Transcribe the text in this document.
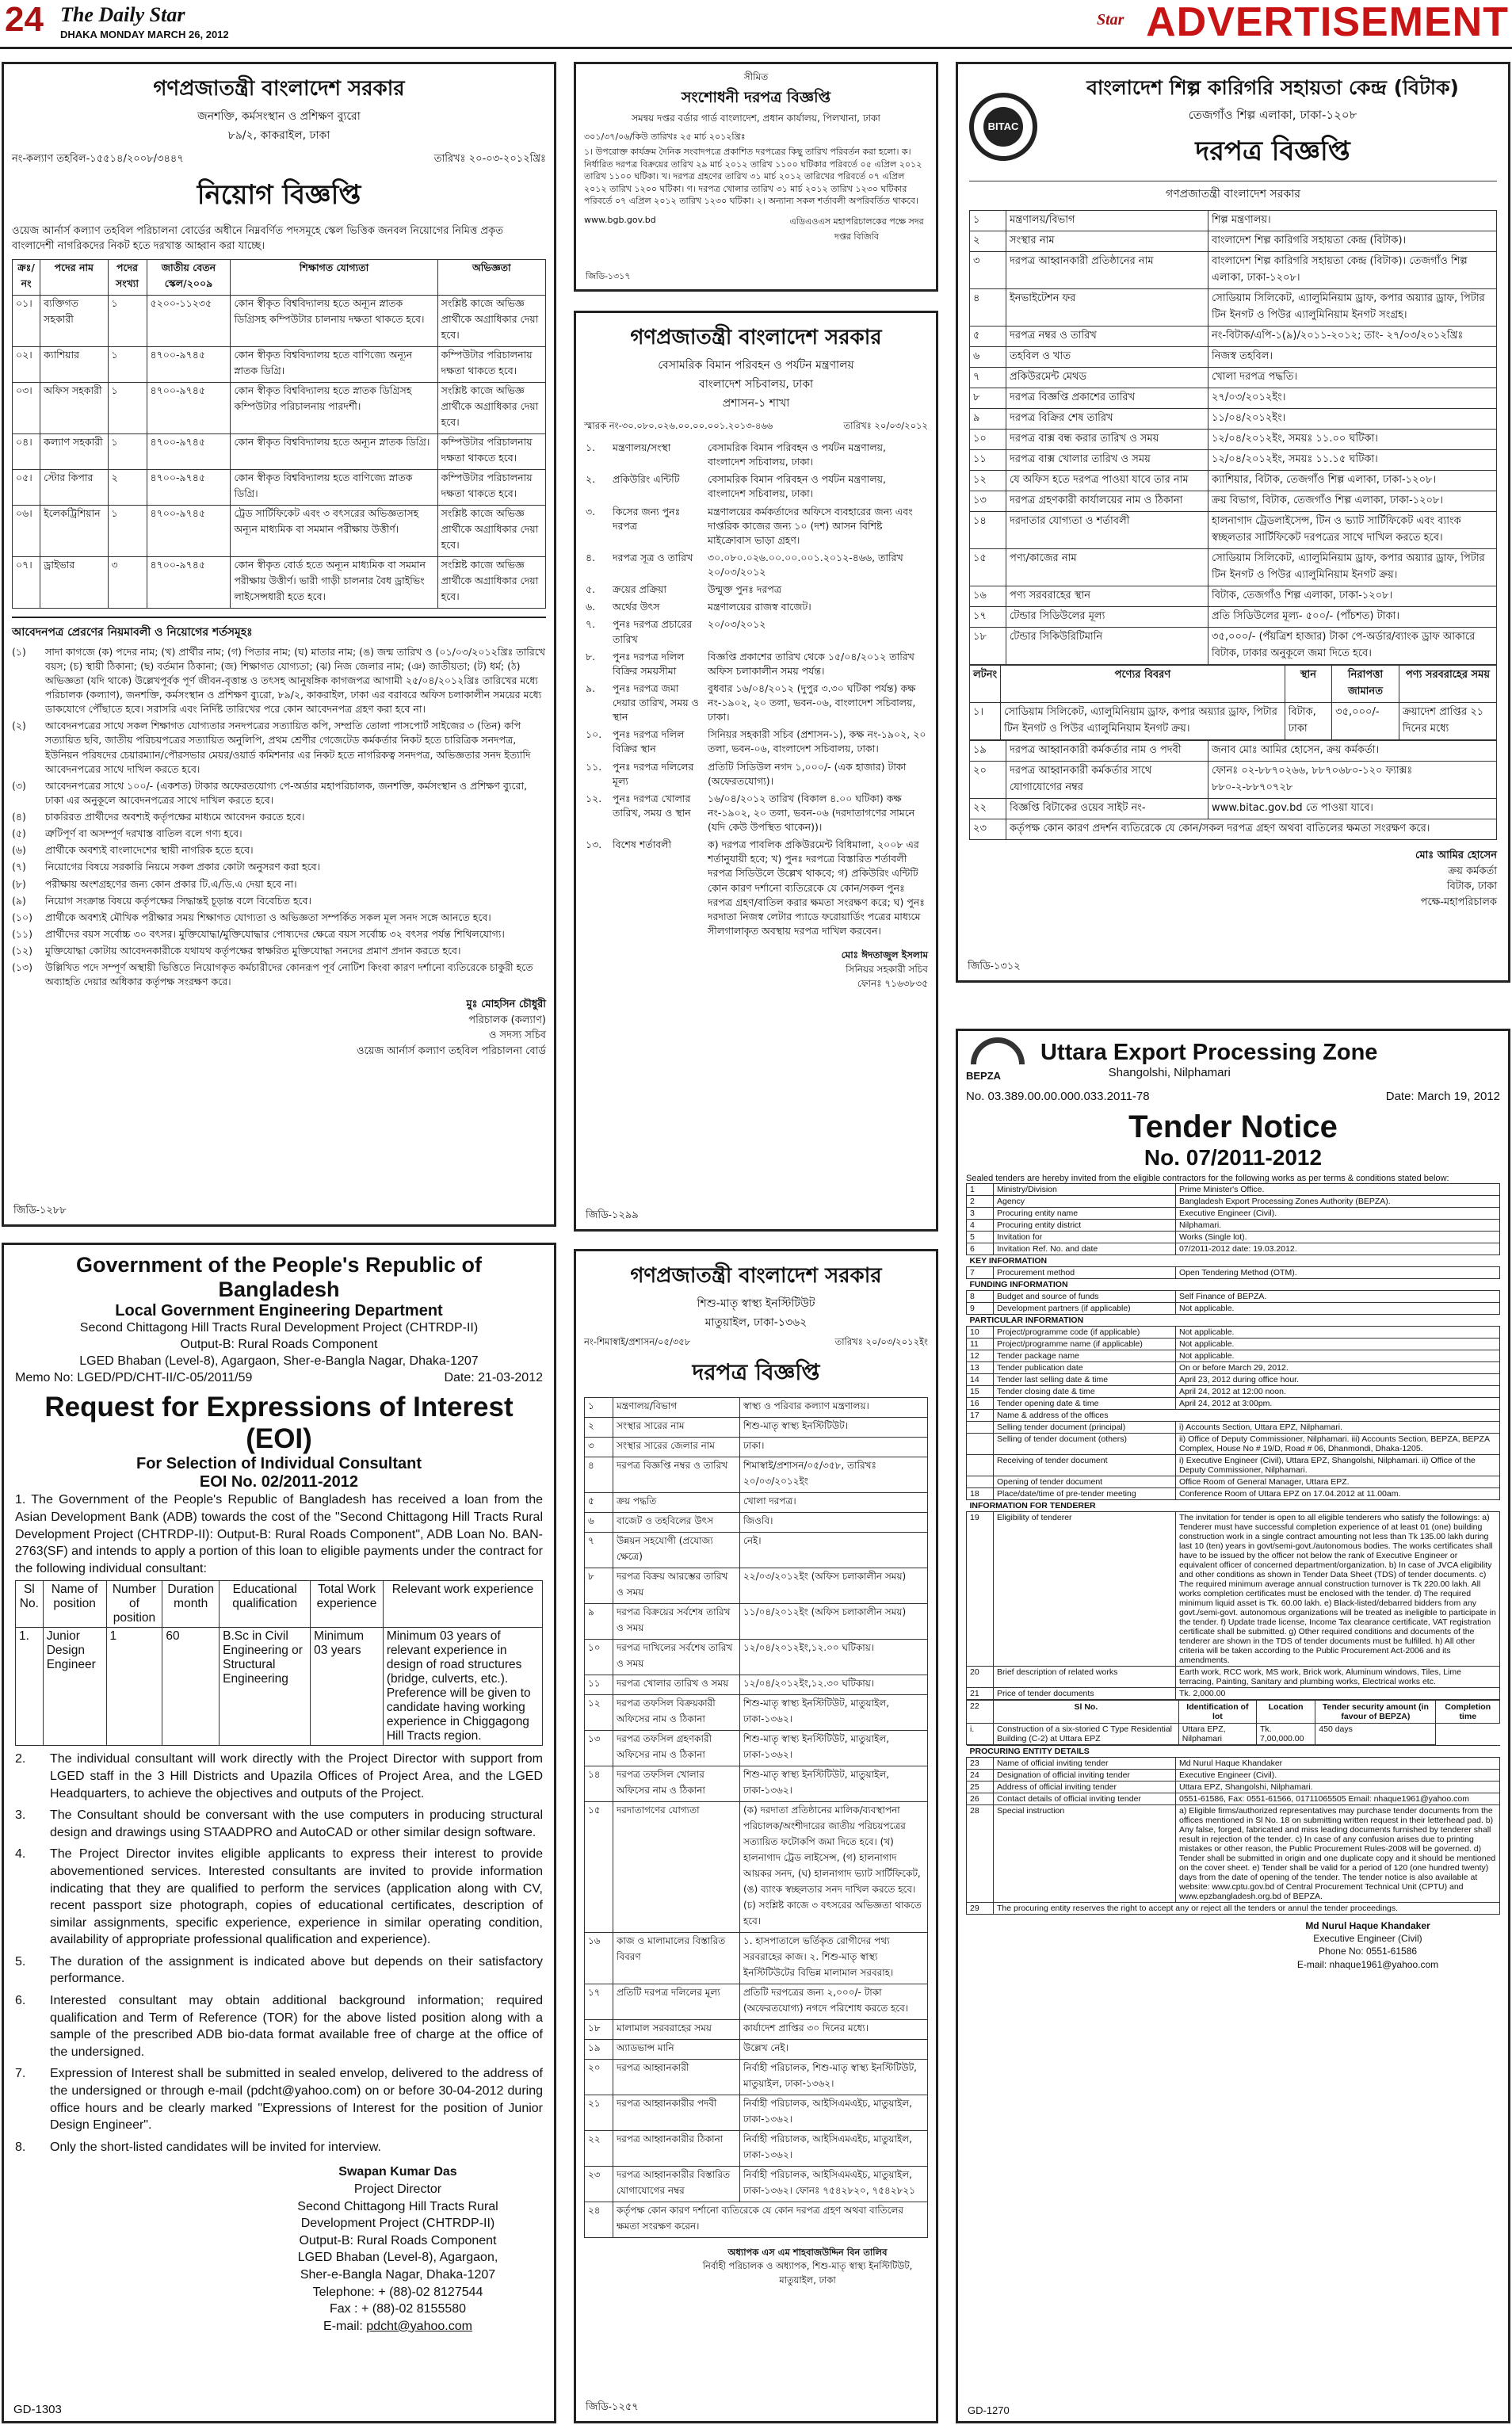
24 The Daily Star
DHAKA MONDAY MARCH 26, 2012
Star ADVERTISEMENT
গণপ্রজাতন্ত্রী বাংলাদেশ সরকার
জনশক্তি, কর্মসংস্থান ও প্রশিক্ষণ ব্যুরো
৮৯/২, কাকরাইল, ঢাকা
নং-কল্যাণ তহবিল-১৫৫১৪/২০০৮/৩৪৪৭	তারিখঃ ২০-০৩-২০১২খ্রিঃ
নিয়োগ বিজ্ঞপ্তি
ওয়েজ আর্নার্স কল্যাণ তহবিল পরিচালনা বোর্ডের অধীনে নিম্নবর্ণিত পদসমূহে স্কেল ভিত্তিক জনবল নিয়োগের নিমিত্ত প্রকৃত বাংলাদেশী নাগরিকদের নিকট হতে দরখাস্ত আহ্বান করা যাচ্ছে।
ক্রঃ/নং	পদের নাম	পদের সংখ্যা	জাতীয় বেতন স্কেল/২০০৯	শিক্ষাগত যোগ্যতা	অভিজ্ঞতা
০১।	ব্যক্তিগত সহকারী	১	৫২০০-১১২৩৫	কোন স্বীকৃত বিশ্ববিদ্যালয় হতে অন্যূন স্নাতক ডিগ্রিসহ কম্পিউটার চালনায় দক্ষতা থাকতে হবে।	সংশ্লিষ্ট কাজে অভিজ্ঞ প্রার্থীকে অগ্রাধিকার দেয়া হবে।
০২।	ক্যাশিয়ার	১	৪৭০০-৯৭৪৫	কোন স্বীকৃত বিশ্ববিদ্যালয় হতে বাণিজ্যে অন্যূন স্নাতক ডিগ্রি।	কম্পিউটার পরিচালনায় দক্ষতা থাকতে হবে।
০৩।	অফিস সহকারী	১	৪৭০০-৯৭৪৫	কোন স্বীকৃত বিশ্ববিদ্যালয় হতে স্নাতক ডিগ্রিসহ কম্পিউটার পরিচালনায় পারদর্শী।	সংশ্লিষ্ট কাজে অভিজ্ঞ প্রার্থীকে অগ্রাধিকার দেয়া হবে।
০৪।	কল্যাণ সহকারী	১	৪৭০০-৯৭৪৫	কোন স্বীকৃত বিশ্ববিদ্যালয় হতে অন্যূন স্নাতক ডিগ্রি।	কম্পিউটার পরিচালনায় দক্ষতা থাকতে হবে।
০৫।	স্টোর কিপার	২	৪৭০০-৯৭৪৫	কোন স্বীকৃত বিশ্ববিদ্যালয় হতে বাণিজ্যে স্নাতক ডিগ্রি।	কম্পিউটার পরিচালনায় দক্ষতা থাকতে হবে।
০৬।	ইলেকট্রিশিয়ান	১	৪৭০০-৯৭৪৫	ট্রেড সার্টিফিকেট এবং ৩ বৎসরের অভিজ্ঞতাসহ অন্যূন মাধ্যমিক বা সমমান পরীক্ষায় উত্তীর্ণ।	সংশ্লিষ্ট কাজে অভিজ্ঞ প্রার্থীকে অগ্রাধিকার দেয়া হবে।
০৭।	ড্রাইভার	৩	৪৭০০-৯৭৪৫	কোন স্বীকৃত বোর্ড হতে অন্যূন মাধ্যমিক বা সমমান পরীক্ষায় উত্তীর্ণ। ভারী গাড়ী চালনার বৈধ ড্রাইভিং লাইসেন্সধারী হতে হবে।	সংশ্লিষ্ট কাজে অভিজ্ঞ প্রার্থীকে অগ্রাধিকার দেয়া হবে।
আবেদনপত্র প্রেরণের নিয়মাবলী ও নিয়োগের শর্তসমূহঃ
(১)	সাদা কাগজে (ক) পদের নাম; (খ) প্রার্থীর নাম; (গ) পিতার নাম; (ঘ) মাতার নাম; (ঙ) জন্ম তারিখ ও (০১/০৩/২০১২খ্রিঃ তারিখে বয়স; (চ) স্থায়ী ঠিকানা; (ছ) বর্তমান ঠিকানা; (জ) শিক্ষাগত যোগ্যতা; (ঝ) নিজ জেলার নাম; (ঞ) জাতীয়তা; (ট) ধর্ম; (ঠ) অভিজ্ঞতা (যদি থাকে) উল্লেখপূর্বক পূর্ণ জীবন-বৃত্তান্ত ও তৎসহ আনুষঙ্গিক কাগজপত্র আগামী ২৫/০৪/২০১২খ্রিঃ তারিখের মধ্যে পরিচালক (কল্যাণ), জনশক্তি, কর্মসংস্থান ও প্রশিক্ষণ ব্যুরো, ৮৯/২, কাকরাইল, ঢাকা এর বরাবরে অফিস চলাকালীন সময়ের মধ্যে ডাকযোগে পৌঁছাতে হবে। সরাসরি এবং নির্দিষ্ট তারিখের পরে কোন আবেদনপত্র গ্রহণ করা হবে না।
(২)	আবেদনপত্রের সাথে সকল শিক্ষাগত যোগ্যতার সনদপত্রের সত্যায়িত কপি, সম্প্রতি তোলা পাসপোর্ট সাইজের ৩ (তিন) কপি সত্যায়িত ছবি, জাতীয় পরিচয়পত্রের সত্যায়িত অনুলিপি, প্রথম শ্রেণীর গেজেটেড কর্মকর্তার নিকট হতে চারিত্রিক সনদপত্র, ইউনিয়ন পরিষদের চেয়ারম্যান/পৌরসভার মেয়র/ওয়ার্ড কমিশনার এর নিকট হতে নাগরিকত্ব সনদপত্র, অভিজ্ঞতার সনদ ইত্যাদি আবেদনপত্রের সাথে দাখিল করতে হবে।
(৩)	আবেদনপত্রের সাথে ১০০/- (একশত) টাকার অফেরতযোগ্য পে-অর্ডার মহাপরিচালক, জনশক্তি, কর্মসংস্থান ও প্রশিক্ষণ ব্যুরো, ঢাকা এর অনুকূলে আবেদনপত্রের সাথে দাখিল করতে হবে।
(৪)	চাকরিরত প্রার্থীদের অবশ্যই কর্তৃপক্ষের মাধ্যমে আবেদন করতে হবে।
(৫)	ত্রুটিপূর্ণ বা অসম্পূর্ণ দরখাস্ত বাতিল বলে গণ্য হবে।
(৬)	প্রার্থীকে অবশ্যই বাংলাদেশের স্থায়ী নাগরিক হতে হবে।
(৭)	নিয়োগের বিষয়ে সরকারি নিয়মে সকল প্রকার কোটা অনুসরণ করা হবে।
(৮)	পরীক্ষায় অংশগ্রহণের জন্য কোন প্রকার টি.এ/ডি.এ দেয়া হবে না।
(৯)	নিয়োগ সংক্রান্ত বিষয়ে কর্তৃপক্ষের সিদ্ধান্তই চূড়ান্ত বলে বিবেচিত হবে।
(১০)	প্রার্থীকে অবশ্যই মৌখিক পরীক্ষার সময় শিক্ষাগত যোগ্যতা ও অভিজ্ঞতা সম্পর্কিত সকল মূল সনদ সঙ্গে আনতে হবে।
(১১)	প্রার্থীদের বয়স সর্বোচ্চ ৩০ বৎসর। মুক্তিযোদ্ধা/মুক্তিযোদ্ধার পোষ্যদের ক্ষেত্রে বয়স সর্বোচ্চ ৩২ বৎসর পর্যন্ত শিথিলযোগ্য।
(১২)	মুক্তিযোদ্ধা কোটায় আবেদনকারীকে যথাযথ কর্তৃপক্ষের স্বাক্ষরিত মুক্তিযোদ্ধা সনদের প্রমাণ প্রদান করতে হবে।
(১৩)	উল্লিখিত পদে সম্পূর্ণ অস্থায়ী ভিত্তিতে নিয়োগকৃত কর্মচারীদের কোনরূপ পূর্ব নোটিশ কিংবা কারণ দর্শানো ব্যতিরেকে চাকুরী হতে অব্যাহতি দেয়ার অধিকার কর্তৃপক্ষ সংরক্ষণ করে।
মুঃ মোহসিন চৌধুরী
পরিচালক (কল্যাণ)
ও সদস্য সচিব
ওয়েজ আর্নার্স কল্যাণ তহবিল পরিচালনা বোর্ড
জিডি-১২৮৮
সীমিত
সংশোধনী দরপত্র বিজ্ঞপ্তি
সমন্বয় দপ্তর বর্ডার গার্ড বাংলাদেশ, প্রধান কার্যালয়, পিলখানা, ঢাকা
৩০১/৩৭/০৬/কিউ তারিখঃ ২৫ মার্চ ২০১২খ্রিঃ
১। উপরোক্ত কার্যক্রম দৈনিক সংবাদপত্রে প্রকাশিত দরপত্রের কিছু তারিখ পরিবর্তন করা হলো। ক। নির্ধারিত দরপত্র বিক্রয়ের তারিখ ২৯ মার্চ ২০১২ তারিখ ১১০০ ঘটিকার পরিবর্তে ০৫ এপ্রিল ২০১২ তারিখ ১১০০ ঘটিকা। খ। দরপত্র গ্রহণের তারিখ ৩১ মার্চ ২০১২ তারিখের পরিবর্তে ০৭ এপ্রিল ২০১২ তারিখ ১২০০ ঘটিকা। গ। দরপত্র খোলার তারিখ ৩১ মার্চ ২০১২ তারিখ ১২৩০ ঘটিকার পরিবর্তে ০৭ এপ্রিল ২০১২ তারিখ ১২৩০ ঘটিকা। ২। অন্যান্য সকল শর্তাবলী অপরিবর্তিত থাকবে।
www.bgb.gov.bd	এডিএওএস মহাপরিচালকের পক্ষে সদর দপ্তর বিজিবি
জিডি-১৩১৭
গণপ্রজাতন্ত্রী বাংলাদেশ সরকার
বেসামরিক বিমান পরিবহন ও পর্যটন মন্ত্রণালয়
বাংলাদেশ সচিবালয়, ঢাকা
প্রশাসন-১ শাখা
স্মারক নং-৩০.০৮০.০২৬.০০.০০.০০১.২০১৩-৪৬৬	তারিখঃ ২০/০৩/২০১২
১.	মন্ত্রণালয়/সংস্থা	বেসামরিক বিমান পরিবহন ও পর্যটন মন্ত্রণালয়, বাংলাদেশ সচিবালয়, ঢাকা।
২.	প্রকিউরিং এন্টিটি	বেসামরিক বিমান পরিবহন ও পর্যটন মন্ত্রণালয়, বাংলাদেশ সচিবালয়, ঢাকা।
৩.	কিসের জন্য পুনঃ দরপত্র	মন্ত্রণালয়ের কর্মকর্তাদের অফিসে ব্যবহারের জন্য এবং দাপ্তরিক কাজের জন্য ১০ (দশ) আসন বিশিষ্ট মাইক্রোবাস ভাড়া গ্রহণ।
৪.	দরপত্র সূত্র ও তারিখ	৩০.০৮০.০২৬.০০.০০.০০১.২০১২-৪৬৬, তারিখ ২০/০৩/২০১২
৫.	ক্রয়ের প্রক্রিয়া	উন্মুক্ত পুনঃ দরপত্র
৬.	অর্থের উৎস	মন্ত্রণালয়ের রাজস্ব বাজেট।
৭.	পুনঃ দরপত্র প্রচারের তারিখ	২০/০৩/২০১২
৮.	পুনঃ দরপত্র দলিল বিক্রির সময়সীমা	বিজ্ঞপ্তি প্রকাশের তারিখ থেকে ১৫/০৪/২০১২ তারিখ অফিস চলাকালীন সময় পর্যন্ত।
৯.	পুনঃ দরপত্র জমা দেয়ার তারিখ, সময় ও স্থান	বুধবার ১৬/০৪/২০১২ (দুপুর ৩.৩০ ঘটিকা পর্যন্ত) কক্ষ নং-১৯০২, ২০ তলা, ভবন-০৬, বাংলাদেশ সচিবালয়, ঢাকা।
১০.	পুনঃ দরপত্র দলিল বিক্রির স্থান	সিনিয়র সহকারী সচিব (প্রশাসন-১), কক্ষ নং-১৯০২, ২০ তলা, ভবন-০৬, বাংলাদেশ সচিবালয়, ঢাকা।
১১.	পুনঃ দরপত্র দলিলের মূল্য	প্রতিটি সিডিউল নগদ ১,০০০/- (এক হাজার) টাকা (অফেরতযোগ্য)।
১২.	পুনঃ দরপত্র খোলার তারিখ, সময় ও স্থান	১৬/০৪/২০১২ তারিখ (বিকাল ৪.০০ ঘটিকা) কক্ষ নং-১৯০২, ২০ তলা, ভবন-০৬ (দরদাতাগণের সামনে (যদি কেউ উপস্থিত থাকেন))।
১৩.	বিশেষ শর্তাবলী	ক) দরপত্র পাবলিক প্রকিউরমেন্ট বিধিমালা, ২০০৮ এর শর্তানুযায়ী হবে; খ) পুনঃ দরপত্রে বিস্তারিত শর্তাবলী দরপত্র সিডিউলে উল্লেখ থাকবে; গ) প্রকিউরিং এন্টিটি কোন কারণ দর্শানো ব্যতিরেকে যে কোন/সকল পুনঃ দরপত্র গ্রহণ/বাতিল করার ক্ষমতা সংরক্ষণ করে; ঘ) পুনঃ দরদাতা নিজস্ব লেটার প্যাডে ফরোয়ার্ডিং পত্রের মাধ্যমে সীলগালাকৃত অবস্থায় দরপত্র দাখিল করবেন।
মোঃ ঈদতাজুল ইসলাম
সিনিয়র সহকারী সচিব
ফোনঃ ৭১৬৩৮৩৫
জিডি-১২৯৯
BITAC
বাংলাদেশ শিল্প কারিগরি সহায়তা কেন্দ্র (বিটাক)
তেজগাঁও শিল্প এলাকা, ঢাকা-১২০৮
দরপত্র বিজ্ঞপ্তি
গণপ্রজাতন্ত্রী বাংলাদেশ সরকার
১	মন্ত্রণালয়/বিভাগ	শিল্প মন্ত্রণালয়।
২	সংস্থার নাম	বাংলাদেশ শিল্প কারিগরি সহায়তা কেন্দ্র (বিটাক)।
৩	দরপত্র আহ্বানকারী প্রতিষ্ঠানের নাম	বাংলাদেশ শিল্প কারিগরি সহায়তা কেন্দ্র (বিটাক)। তেজগাঁও শিল্প এলাকা, ঢাকা-১২০৮।
৪	ইনভাইটেশন ফর	সোডিয়াম সিলিকেট, এ্যালুমিনিয়াম ড্রাফ, কপার অয়্যার ড্রাফ, পিটার টিন ইনগট ও পিউর এ্যালুমিনিয়াম ইনগট সংগ্রহ।
৫	দরপত্র নম্বর ও তারিখ	নং-বিটাক/এপি-১(৯)/২০১১-২০১২; তাং- ২৭/০৩/২০১২খ্রিঃ
৬	তহবিল ও খাত	নিজস্ব তহবিল।
৭	প্রকিউরমেন্ট মেথড	খোলা দরপত্র পদ্ধতি।
৮	দরপত্র বিজ্ঞপ্তি প্রকাশের তারিখ	২৭/০৩/২০১২ইং।
৯	দরপত্র বিক্রির শেষ তারিখ	১১/০৪/২০১২ইং।
১০	দরপত্র বাক্স বন্ধ করার তারিখ ও সময়	১২/০৪/২০১২ইং, সময়ঃ ১১.০০ ঘটিকা।
১১	দরপত্র বাক্স খোলার তারিখ ও সময়	১২/০৪/২০১২ইং, সময়ঃ ১১.১৫ ঘটিকা।
১২	যে অফিস হতে দরপত্র পাওয়া যাবে তার নাম	ক্যাশিয়ার, বিটাক, তেজগাঁও শিল্প এলাকা, ঢাকা-১২০৮।
১৩	দরপত্র গ্রহণকারী কার্যালয়ের নাম ও ঠিকানা	ক্রয় বিভাগ, বিটাক, তেজগাঁও শিল্প এলাকা, ঢাকা-১২০৮।
১৪	দরদাতার যোগ্যতা ও শর্তাবলী	হালনাগাদ ট্রেডলাইসেন্স, টিন ও ভ্যাট সার্টিফিকেট এবং ব্যাংক স্বচ্ছলতার সার্টিফিকেট দরপত্রের সাথে দাখিল করতে হবে।
১৫	পণ্য/কাজের নাম	সোডিয়াম সিলিকেট, এ্যালুমিনিয়াম ড্রাফ, কপার অয়্যার ড্রাফ, পিটার টিন ইনগট ও পিউর এ্যালুমিনিয়াম ইনগট ক্রয়।
১৬	পণ্য সরবরাহের স্থান	বিটাক, তেজগাঁও শিল্প এলাকা, ঢাকা-১২০৮।
১৭	টেন্ডার সিডিউলের মূল্য	প্রতি সিডিউলের মূল্য- ৫০০/- (পাঁচশত) টাকা।
১৮	টেন্ডার সিকিউরিটিমানি	৩৫,০০০/- (পঁয়ত্রিশ হাজার) টাকা পে-অর্ডার/ব্যাংক ড্রাফ আকারে বিটাক, ঢাকার অনুকূলে জমা দিতে হবে।
লটনং	পণ্যের বিবরণ	স্থান	নিরাপত্তা জামানত	পণ্য সরবরাহের সময়
১।	সোডিয়াম সিলিকেট, এ্যালুমিনিয়াম ড্রাফ, কপার অয়্যার ড্রাফ, পিটার টিন ইনগট ও পিউর এ্যালুমিনিয়াম ইনগট ক্রয়।	বিটাক, ঢাকা	৩৫,০০০/-	ক্রয়াদেশ প্রাপ্তির ২১ দিনের মধ্যে
১৯	দরপত্র আহ্বানকারী কর্মকর্তার নাম ও পদবী	জনাব মোঃ আমির হোসেন, ক্রয় কর্মকর্তা।
২০	দরপত্র আহ্বানকারী কর্মকর্তার সাথে যোগাযোগের নম্বর	ফোনঃ ০২-৮৮৭০২৬৬, ৮৮৭০৬৮০-১২০ ফ্যাক্সঃ ৮৮০-২-৮৮৭০৭২৮
২২	বিজ্ঞপ্তি বিটাকের ওয়েব সাইট নং-	www.bitac.gov.bd তে পাওয়া যাবে।
২৩	কর্তৃপক্ষ কোন কারণ প্রদর্শন ব্যতিরেকে যে কোন/সকল দরপত্র গ্রহণ অথবা বাতিলের ক্ষমতা সংরক্ষণ করে।	
মোঃ আমির হোসেন
ক্রয় কর্মকর্তা
বিটাক, ঢাকা
পক্ষে-মহাপরিচালক
জিডি-১৩১২
Government of the People's Republic of Bangladesh
Local Government Engineering Department
Second Chittagong Hill Tracts Rural Development Project (CHTRDP-II)
Output-B: Rural Roads Component
LGED Bhaban (Level-8), Agargaon, Sher-e-Bangla Nagar, Dhaka-1207
Memo No: LGED/PD/CHT-II/C-05/2011/59	Date: 21-03-2012
Request for Expressions of Interest (EOI)
For Selection of Individual Consultant
EOI No. 02/2011-2012
1. The Government of the People's Republic of Bangladesh has received a loan from the Asian Development Bank (ADB) towards the cost of the "Second Chittagong Hill Tracts Rural Development Project (CHTRDP-II): Output-B: Rural Roads Component", ADB Loan No. BAN-2763(SF) and intends to apply a portion of this loan to eligible payments under the contract for the following individual consultant:
Sl No.	Name of position	Number of position	Duration month	Educational qualification	Total Work experience	Relevant work experience
1.	Junior Design Engineer	1	60	B.Sc in Civil Engineering or Structural Engineering	Minimum 03 years	Minimum 03 years of relevant experience in design of road structures (bridge, culverts, etc.). Preference will be given to candidate having working experience in Chiggagong Hill Tracts region.
2.	The individual consultant will work directly with the Project Director with support from LGED staff in the 3 Hill Districts and Upazila Offices of Project Area, and the LGED Headquarters, to achieve the objectives and outputs of the Project.
3.	The Consultant should be conversant with the use computers in producing structural design and drawings using STAADPRO and AutoCAD or other similar design software.
4.	The Project Director invites eligible applicants to express their interest to provide abovementioned services. Interested consultants are invited to provide information indicating that they are qualified to perform the services (application along with CV, recent passport size photograph, copies of educational certificates, description of similar assignments, specific experience, experience in similar operating condition, availability of appropriate professional qualification and experience).
5.	The duration of the assignment is indicated above but depends on their satisfactory performance.
6.	Interested consultant may obtain additional background information; required qualification and Term of Reference (TOR) for the above listed position along with a sample of the prescribed ADB bio-data format available free of charge at the office of the undersigned.
7.	Expression of Interest shall be submitted in sealed envelop, delivered to the address of the undersigned or through e-mail (pdcht@yahoo.com) on or before 30-04-2012 during office hours and be clearly marked "Expressions of Interest for the position of Junior Design Engineer".
8.	Only the short-listed candidates will be invited for interview.
Swapan Kumar Das
Project Director
Second Chittagong Hill Tracts Rural
Development Project (CHTRDP-II)
Output-B: Rural Roads Component
LGED Bhaban (Level-8), Agargaon,
Sher-e-Bangla Nagar, Dhaka-1207
Telephone: + (88)-02 8127544
Fax : + (88)-02 8155580
E-mail: pdcht@yahoo.com
GD-1303
গণপ্রজাতন্ত্রী বাংলাদেশ সরকার
শিশু-মাতৃ স্বাস্থ্য ইনস্টিটিউট
মাতুয়াইল, ঢাকা-১৩৬২
নং-শিমাস্বাই/প্রশাসন/০৫/৩৫৮	তারিখঃ ২০/০৩/২০১২ইং
দরপত্র বিজ্ঞপ্তি
১	মন্ত্রণালয়/বিভাগ	স্বাস্থ্য ও পরিবার কল্যাণ মন্ত্রণালয়।
২	সংস্থার সারের নাম	শিশু-মাতৃ স্বাস্থ্য ইনস্টিটিউট।
৩	সংস্থার সারের জেলার নাম	ঢাকা।
৪	দরপত্র বিজ্ঞপ্তি নম্বর ও তারিখ	শিমাস্বাই/প্রশাসন/০৫/৩৫৮, তারিখঃ ২০/০৩/২০১২ইং
৫	ক্রয় পদ্ধতি	খোলা দরপত্র।
৬	বাজেট ও তহবিলের উৎস	জিওবি।
৭	উন্নয়ন সহযোগী (প্রযোজ্য ক্ষেত্রে)	নেই।
৮	দরপত্র বিক্রয় আরম্ভের তারিখ ও সময়	২২/০৩/২০১২ইং (অফিস চলাকালীন সময়)
৯	দরপত্র বিক্রয়ের সর্বশেষ তারিখ ও সময়	১১/০৪/২০১২ইং (অফিস চলাকালীন সময়)
১০	দরপত্র দাখিলের সর্বশেষ তারিখ ও সময়	১২/০৪/২০১২ইং,১২.০০ ঘটিকায়।
১১	দরপত্র খোলার তারিখ ও সময়	১২/০৪/২০১২ইং,১২.৩০ ঘটিকায়।
১২	দরপত্র তফসিল বিক্রয়কারী অফিসের নাম ও ঠিকানা	শিশু-মাতৃ স্বাস্থ্য ইনস্টিটিউট, মাতুয়াইল, ঢাকা-১৩৬২।
১৩	দরপত্র তফসিল গ্রহণকারী অফিসের নাম ও ঠিকানা	শিশু-মাতৃ স্বাস্থ্য ইনস্টিটিউট, মাতুয়াইল, ঢাকা-১৩৬২।
১৪	দরপত্র তফসিল খোলার অফিসের নাম ও ঠিকানা	শিশু-মাতৃ স্বাস্থ্য ইনস্টিটিউট, মাতুয়াইল, ঢাকা-১৩৬২।
১৫	দরদাতাগণের যোগ্যতা	(ক) দরদাতা প্রতিষ্ঠানের মালিক/ব্যবস্থাপনা পরিচালক/অংশীদারের জাতীয় পরিচয়পত্রের সত্যায়িত ফটোকপি জমা দিতে হবে। (খ) হালনাগাদ ট্রেড লাইসেন্স, (গ) হালনাগাদ আয়কর সনদ, (ঘ) হালনাগাদ ভ্যাট সার্টিফিকেট, (ঙ) ব্যাংক স্বচ্ছলতার সনদ দাখিল করতে হবে। (চ) সংশ্লিষ্ট কাজে ৩ বৎসরের অভিজ্ঞতা থাকতে হবে।
১৬	কাজ ও মালামালের বিস্তারিত বিবরণ	১. হাসপাতালে ভর্তিকৃত রোগীদের পথ্য সরবরাহের কাজ। ২. শিশু-মাতৃ স্বাস্থ্য ইনস্টিটিউটের বিভিন্ন মালামাল সরবরাহ।
১৭	প্রতিটি দরপত্র দলিলের মূল্য	প্রতিটি দরপত্রের জন্য ২,০০০/- টাকা (অফেরতযোগ্য) নগদে পরিশোধ করতে হবে।
১৮	মালামাল সরবরাহের সময়	কার্যাদেশ প্রাপ্তির ৩০ দিনের মধ্যে।
১৯	অ্যাডভান্স মানি	উল্লেখ নেই।
২০	দরপত্র আহ্বানকারী	নির্বাহী পরিচালক, শিশু-মাতৃ স্বাস্থ্য ইনস্টিটিউট, মাতুয়াইল, ঢাকা-১৩৬২।
২১	দরপত্র আহ্বানকারীর পদবী	নির্বাহী পরিচালক, আইসিএমএইচ, মাতুয়াইল, ঢাকা-১৩৬২।
২২	দরপত্র আহ্বানকারীর ঠিকানা	নির্বাহী পরিচালক, আইসিএমএইচ, মাতুয়াইল, ঢাকা-১৩৬২।
২৩	দরপত্র আহ্বানকারীর বিস্তারিত যোগাযোগের নম্বর	নির্বাহী পরিচালক, আইসিএমএইচ, মাতুয়াইল, ঢাকা-১৩৬২। ফোনঃ ৭৫৪২৮২০, ৭৫৪২৮২১
২৪	কর্তৃপক্ষ কোন কারণ দর্শানো ব্যতিরেকে যে কোন দরপত্র গ্রহণ অথবা বাতিলের ক্ষমতা সংরক্ষণ করেন।	
অধ্যাপক এস এম শাহবাজউদ্দিন বিন তালিব
নির্বাহী পরিচালক ও অধ্যাপক, শিশু-মাতৃ স্বাস্থ্য ইনস্টিটিউট, মাতুয়াইল, ঢাকা
জিডি-১২৫৭
BEPZA
Uttara Export Processing Zone
Shangolshi, Nilphamari
No. 03.389.00.00.000.033.2011-78	Date: March 19, 2012
Tender Notice
No. 07/2011-2012
Sealed tenders are hereby invited from the eligible contractors for the following works as per terms & conditions stated below:
1	Ministry/Division	Prime Minister's Office.
2	Agency	Bangladesh Export Processing Zones Authority (BEPZA).
3	Procuring entity name	Executive Engineer (Civil).
4	Procuring entity district	Nilphamari.
5	Invitation for	Works (Single lot).
6	Invitation Ref. No. and date	07/2011-2012 date: 19.03.2012.
KEY INFORMATION		
7	Procurement method	Open Tendering Method (OTM).
FUNDING INFORMATION		
8	Budget and source of funds	Self Finance of BEPZA.
9	Development partners (if applicable)	Not applicable.
PARTICULAR INFORMATION		
10	Project/programme code (if applicable)	Not applicable.
11	Project/programme name (if applicable)	Not applicable.
12	Tender package name	Not applicable.
13	Tender publication date	On or before March 29, 2012.
14	Tender last selling date & time	April 23, 2012 during office hour.
15	Tender closing date & time	April 24, 2012 at 12:00 noon.
16	Tender opening date & time	April 24, 2012 at 3:00pm.
17	Name & address of the offices	
	Selling tender document (principal)	i) Accounts Section, Uttara EPZ, Nilphamari.
	Selling of tender document (others)	ii) Office of Deputy Commissioner, Nilphamari. iii) Accounts Section, BEPZA, BEPZA Complex, House No # 19/D, Road # 06, Dhanmondi, Dhaka-1205.
	Receiving of tender document	i) Executive Engineer (Civil), Uttara EPZ, Shangolshi, Nilphamari. ii) Office of the Deputy Commissioner, Nilphamari.
	Opening of tender document	Office Room of General Manager, Uttara EPZ.
18	Place/date/time of pre-tender meeting	Conference Room of Uttara EPZ on 17.04.2012 at 11.00am.
INFORMATION FOR TENDERER		
19	Eligibility of tenderer	The invitation for tender is open to all eligible tenderers who satisfy the followings: a) Tenderer must have successful completion experience of at least 01 (one) building construction work in a single contract amounting not less than Tk 135.00 lakh during last 10 (ten) years in govt/semi-govt./autonomous bodies. The works certificates shall have to be issued by the officer not below the rank of Executive Engineer or equivalent officer of concerned department/organization. b) In case of JVCA eligibility and other conditions as shown in Tender Data Sheet (TDS) of tender documents. c) The required minimum average annual construction turnover is Tk 220.00 lakh. All works completion certificates must be enclosed with the tender. d) The required minimum liquid asset is Tk. 60.00 lakh. e) Black-listed/debarred bidders from any govt./semi-govt. autonomous organizations will be treated as ineligible to participate in the tender. f) Update trade license, Income Tax clearance certificate, VAT registration certificate shall be submitted. g) Other required conditions and documents of the tenderer are shown in the TDS of tender documents must be fulfilled. h) All other criteria will be taken according to the Public Procurement Act-2006 and its amendments.
20	Brief description of related works	Earth work, RCC work, MS work, Brick work, Aluminum windows, Tiles, Lime terracing, Painting, Sanitary and plumbing works, Electrical works etc.
21	Price of tender documents	Tk. 2,000.00
22	Sl No.	Identification of lot	Location	Tender security amount (in favour of BEPZA)	Completion time
i.	Construction of a six-storied C Type Residential Building (C-2) at Uttara EPZ	Uttara EPZ, Nilphamari	Tk. 7,00,000.00	450 days	
PROCURING ENTITY DETAILS		
23	Name of official inviting tender	Md Nurul Haque Khandaker
24	Designation of official inviting tender	Executive Engineer (Civil).
25	Address of official inviting tender	Uttara EPZ, Shangolshi, Nilphamari.
26	Contact details of official inviting tender	0551-61586, Fax: 0551-61566, 01711065505 Email: nhaque1961@yahoo.com
28	Special instruction	a) Eligible firms/authorized representatives may purchase tender documents from the offices mentioned in Sl No. 18 on submitting written request in their letterhead pad. b) Any false, forged, fabricated and miss leading documents furnished by tenderer shall result in rejection of the tender. c) In case of any confusion arises due to printing mistakes or other reason, the Public Procurement Rules-2008 will be governed. d) Tender shall be submitted in origin and one duplicate copy and it should be mentioned on the cover sheet. e) Tender shall be valid for a period of 120 (one hundred twenty) days from the date of opening of the tender. The tender notice is also available at website: www.cptu.gov.bd of Central Procurement Technical Unit (CPTU) and www.epzbangladesh.org.bd of BEPZA.
29	The procuring entity reserves the right to accept any or reject all the tenders or annul the tender proceedings.	
Md Nurul Haque Khandaker
Executive Engineer (Civil)
Phone No: 0551-61586
E-mail: nhaque1961@yahoo.com
GD-1270
